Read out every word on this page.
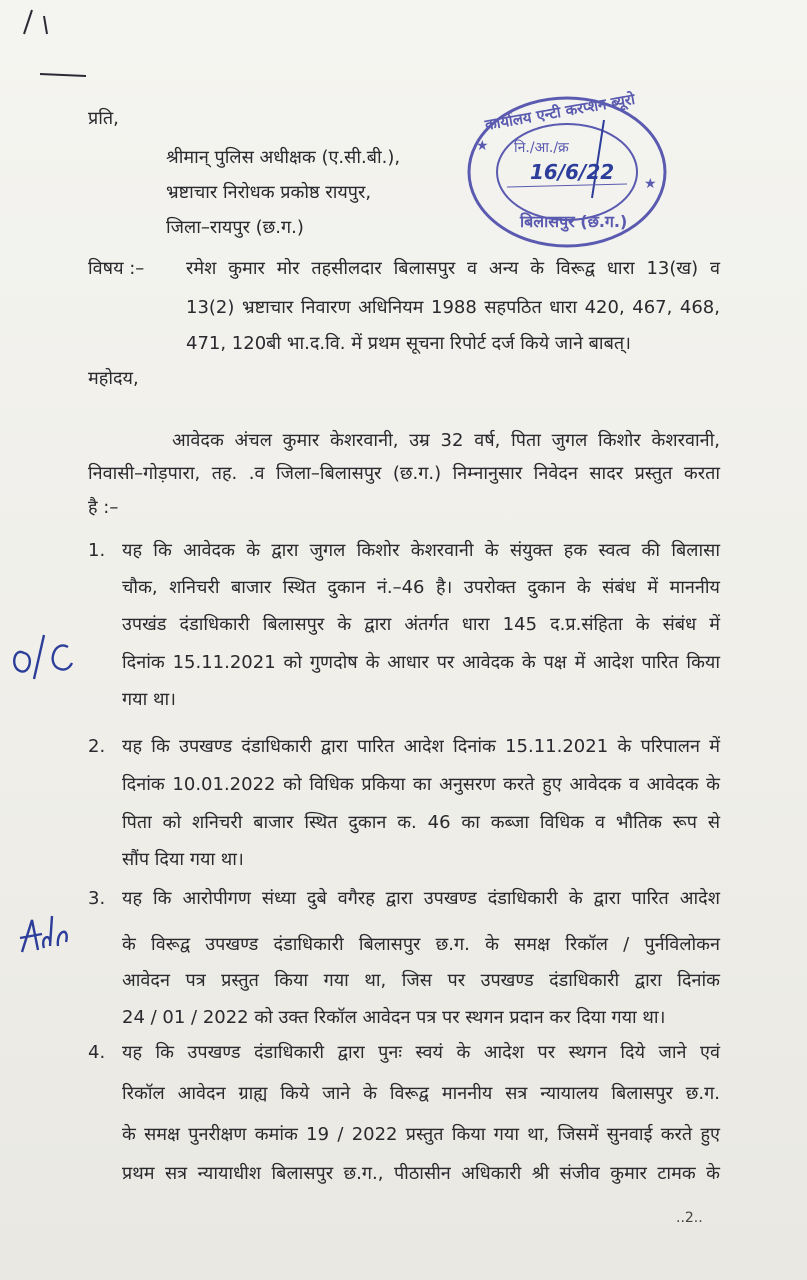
प्रति,
श्रीमान् पुलिस अधीक्षक (ए.सी.बी.),
भ्रष्टाचार निरोधक प्रकोष्ठ रायपुर,
जिला–रायपुर (छ.ग.)
★
★
कार्यालय एन्टी करप्शन ब्यूरो
नि./आ./क्र
16/6/22
बिलासपुर (छ.ग.)
विषय :– रमेश कुमार मोर तहसीलदार बिलासपुर व अन्य के विरूद्व धारा 13(ख) व
13(2) भ्रष्टाचार निवारण अधिनियम 1988 सहपठित धारा 420, 467, 468,
471, 120बी भा.द.वि. में प्रथम सूचना रिपोर्ट दर्ज किये जाने बाबत्।
महोदय,
आवेदक अंचल कुमार केशरवानी, उम्र 32 वर्ष, पिता जुगल किशोर केशरवानी,
निवासी–गोड़पारा, तह. .व जिला–बिलासपुर (छ.ग.) निम्नानुसार निवेदन सादर प्रस्तुत करता
है :–
1. यह कि आवेदक के द्वारा जुगल किशोर केशरवानी के संयुक्त हक स्वत्व की बिलासा
चौक, शनिचरी बाजार स्थित दुकान नं.–46 है। उपरोक्त दुकान के संबंध में माननीय
उपखंड दंडाधिकारी बिलासपुर के द्वारा अंतर्गत धारा 145 द.प्र.संहिता के संबंध में
दिनांक 15.11.2021 को गुणदोष के आधार पर आवेदक के पक्ष में आदेश पारित किया
गया था।
2. यह कि उपखण्ड दंडाधिकारी द्वारा पारित आदेश दिनांक 15.11.2021 के परिपालन में
दिनांक 10.01.2022 को विधिक प्रकिया का अनुसरण करते हुए आवेदक व आवेदक के
पिता को शनिचरी बाजार स्थित दुकान क. 46 का कब्जा विधिक व भौतिक रूप से
सौंप दिया गया था।
3. यह कि आरोपीगण संध्या दुबे वगैरह द्वारा उपखण्ड दंडाधिकारी के द्वारा पारित आदेश
के विरूद्व उपखण्ड दंडाधिकारी बिलासपुर छ.ग. के समक्ष रिकॉल / पुर्नविलोकन
आवेदन पत्र प्रस्तुत किया गया था, जिस पर उपखण्ड दंडाधिकारी द्वारा दिनांक
24 / 01 / 2022 को उक्त रिकॉल आवेदन पत्र पर स्थगन प्रदान कर दिया गया था।
4. यह कि उपखण्ड दंडाधिकारी द्वारा पुनः स्वयं के आदेश पर स्थगन दिये जाने एवं
रिकॉल आवेदन ग्राह्य किये जाने के विरूद्व माननीय सत्र न्यायालय बिलासपुर छ.ग.
के समक्ष पुनरीक्षण कमांक 19 / 2022 प्रस्तुत किया गया था, जिसमें सुनवाई करते हुए
प्रथम सत्र न्यायाधीश बिलासपुर छ.ग., पीठासीन अधिकारी श्री संजीव कुमार टामक के
..2..
